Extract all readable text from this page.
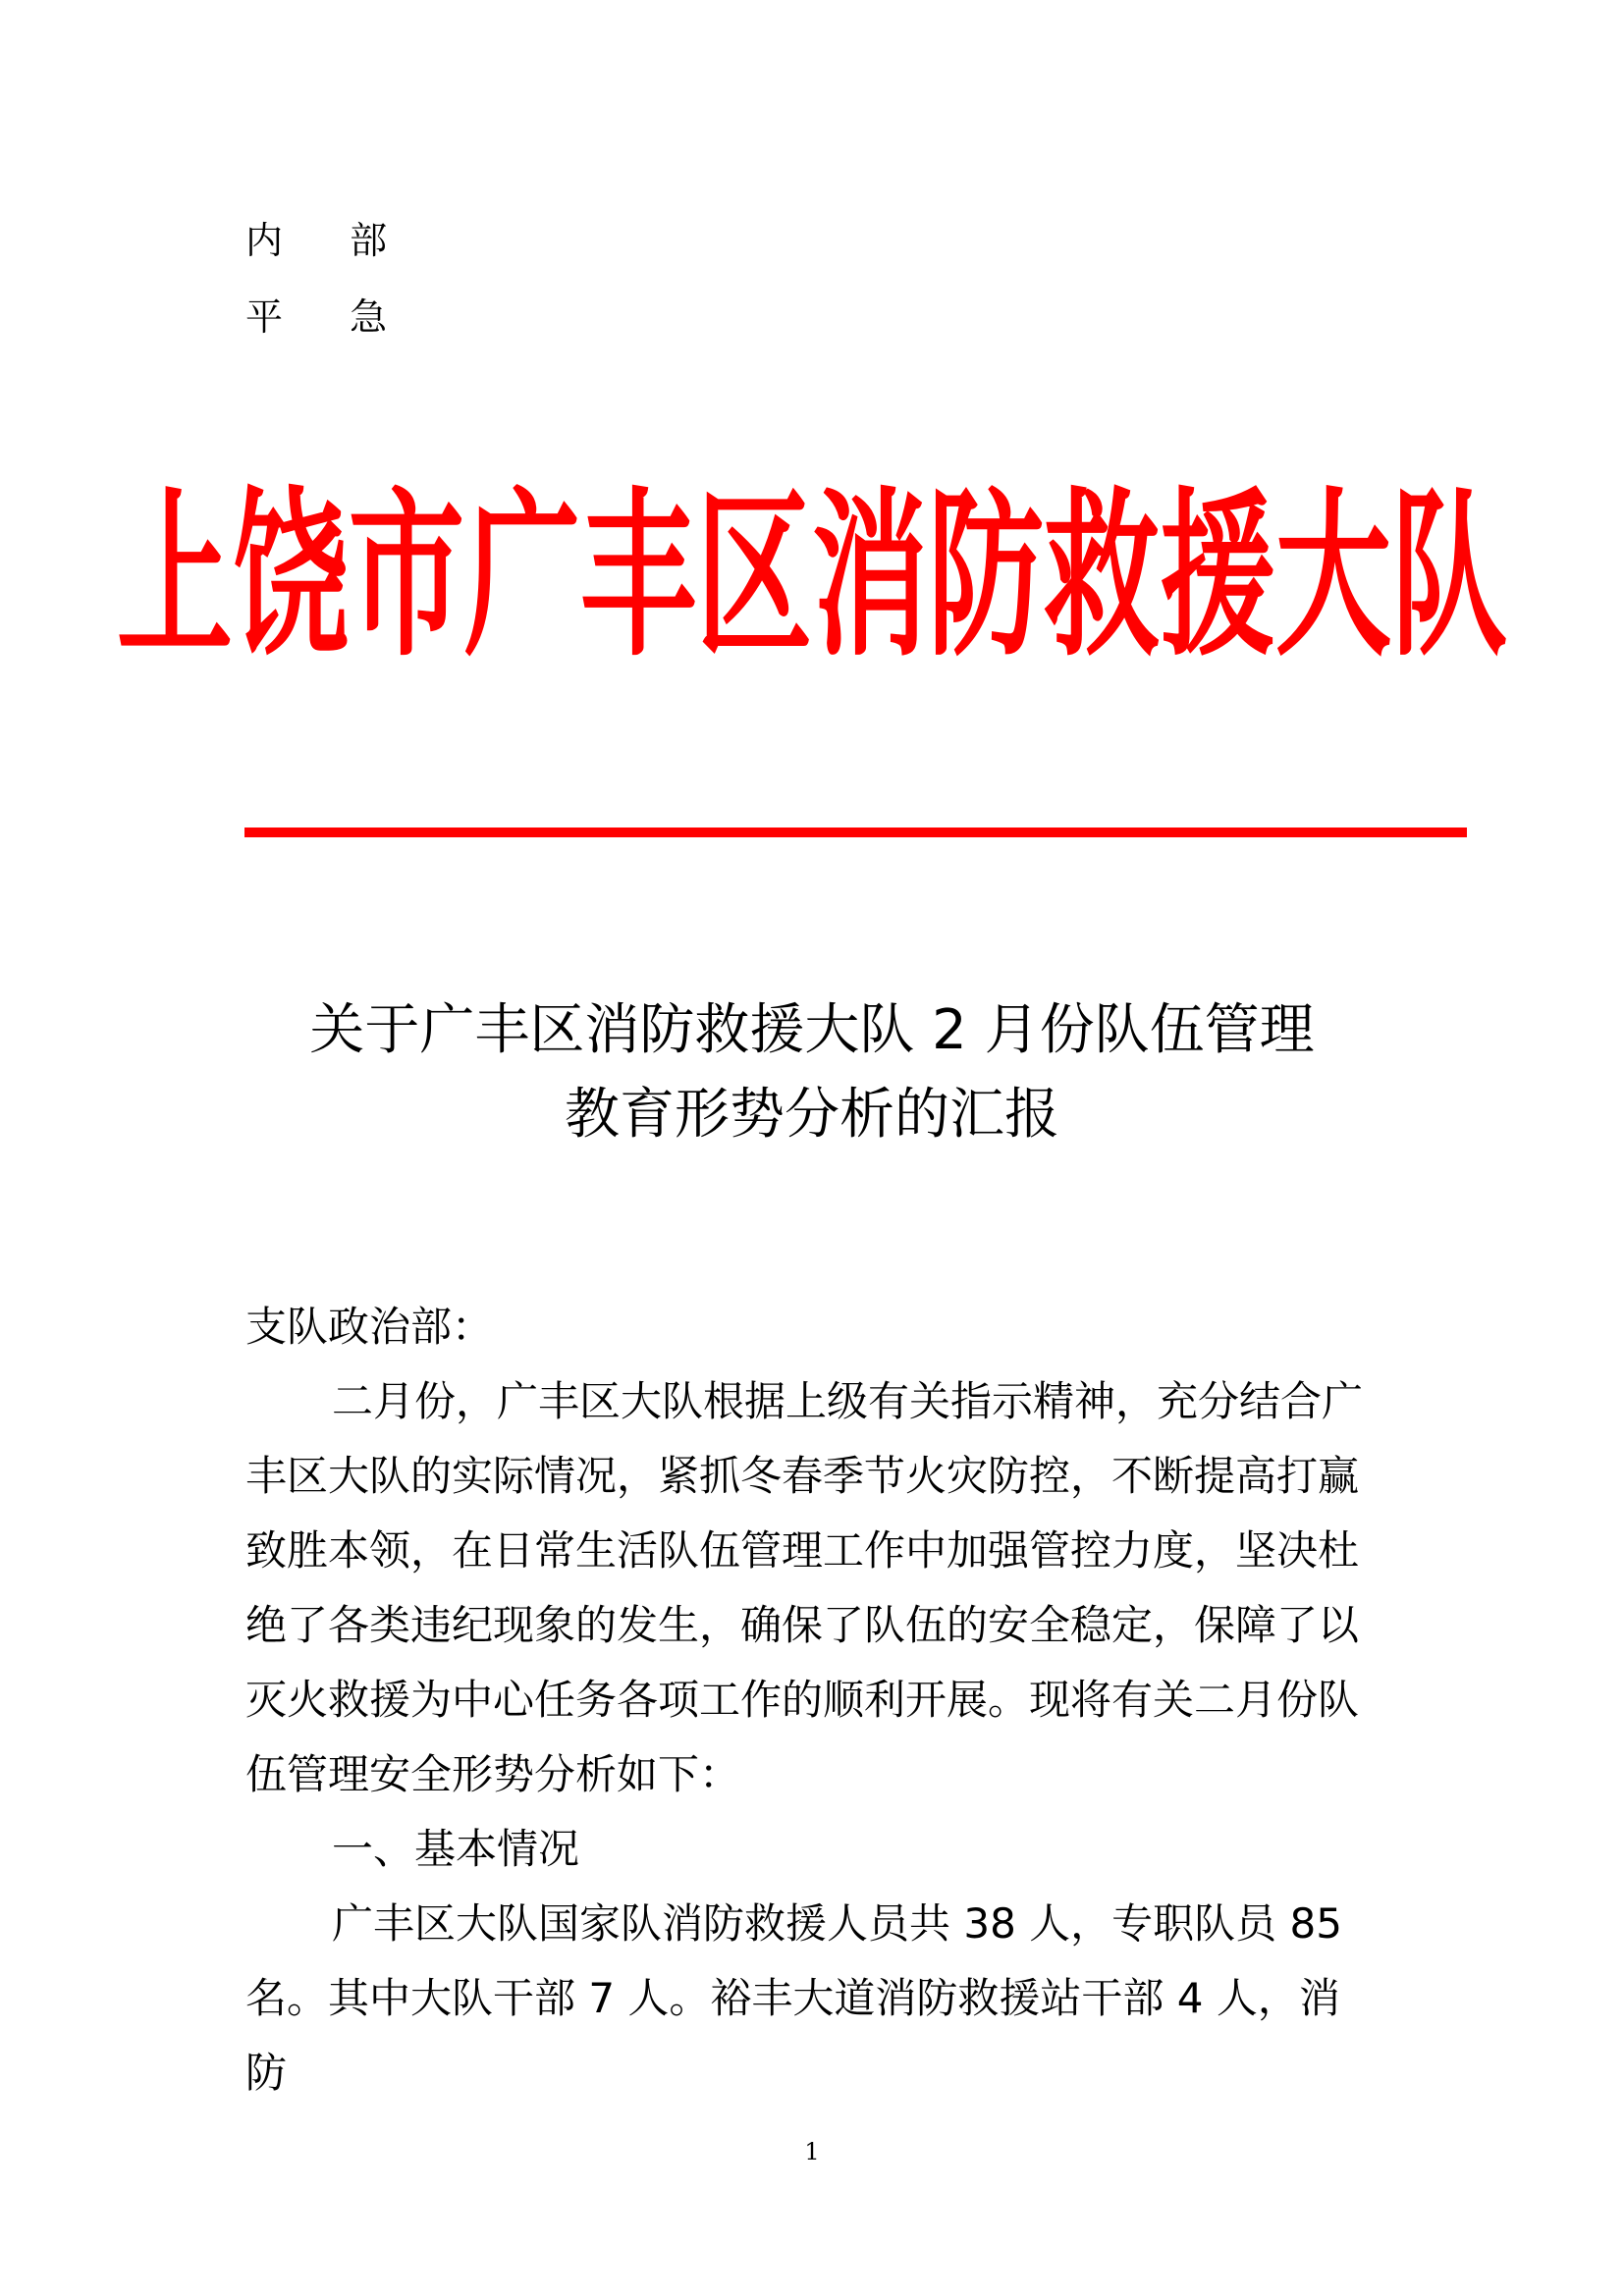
内 部
平 急
上饶市广丰区消防救援大队
关于广丰区消防救援大队 2 月份队伍管理
教育形势分析的汇报

支队政治部：

二月份，广丰区大队根据上级有关指示精神，充分结合广丰区大队的实际情况，紧抓冬春季节火灾防控，不断提高打赢致胜本领，在日常生活队伍管理工作中加强管控力度，坚决杜绝了各类违纪现象的发生，确保了队伍的安全稳定，保障了以灭火救援为中心任务各项工作的顺利开展。现将有关二月份队伍管理安全形势分析如下：

一、基本情况

广丰区大队国家队消防救援人员共 38 人，专职队员 85 名。其中大队干部 7 人。裕丰大道消防救援站干部 4 人，消防

1
